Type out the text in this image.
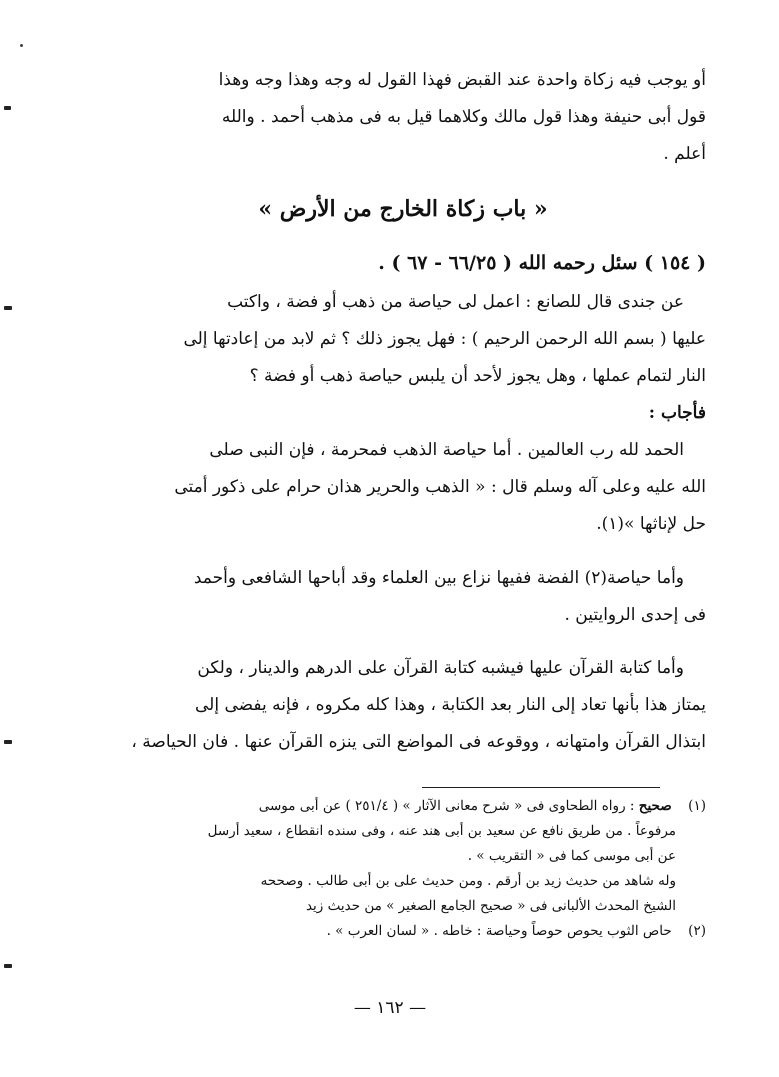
أو يوجب فيه زكاة واحدة عند القبض فهذا القول له وجه وهذا وجه وهذا
قول أبى حنيفة وهذا قول مالك وكلاهما قيل به فى مذهب أحمد . والله
أعلم .
« باب زكاة الخارج من الأرض »
( ١٥٤ ) سئل رحمه الله ( ٦٦/٢٥ - ٦٧ ) .
عن جندى قال للصانع : اعمل لى حياصة من ذهب أو فضة ، واكتب
عليها ( بسم الله الرحمن الرحيم ) : فهل يجوز ذلك ؟ ثم لابد من إعادتها إلى
النار لتمام عملها ، وهل يجوز لأحد أن يلبس حياصة ذهب أو فضة ؟
فأجاب :
الحمد لله رب العالمين . أما حياصة الذهب فمحرمة ، فإن النبى صلى
الله عليه وعلى آله وسلم قال : « الذهب والحرير هذان حرام على ذكور أمتى
حل لإناثها »(١).
وأما حياصة(٢) الفضة ففيها نزاع بين العلماء وقد أباحها الشافعى وأحمد
فى إحدى الروايتين .
وأما كتابة القرآن عليها فيشبه كتابة القرآن على الدرهم والدينار ، ولكن
يمتاز هذا بأنها تعاد إلى النار بعد الكتابة ، وهذا كله مكروه ، فإنه يفضى إلى
ابتذال القرآن وامتهانه ، ووقوعه فى المواضع التى ينزه القرآن عنها . فان الحياصة ،
(١) صحيح : رواه الطحاوى فى « شرح معانى الآثار » ( ٢٥١/٤ ) عن أبى موسى
مرفوعاً . من طريق نافع عن سعيد بن أبى هند عنه ، وفى سنده انقطاع ، سعيد أرسل
عن أبى موسى كما فى « التقريب » .
وله شاهد من حديث زيد بن أرقم . ومن حديث على بن أبى طالب . وصححه
الشيخ المحدث الألبانى فى « صحيح الجامع الصغير » من حديث زيد
(٢) حاص الثوب يحوص حوصاً وحياصة : خاطه . « لسان العرب » .
— ١٦٢ —
